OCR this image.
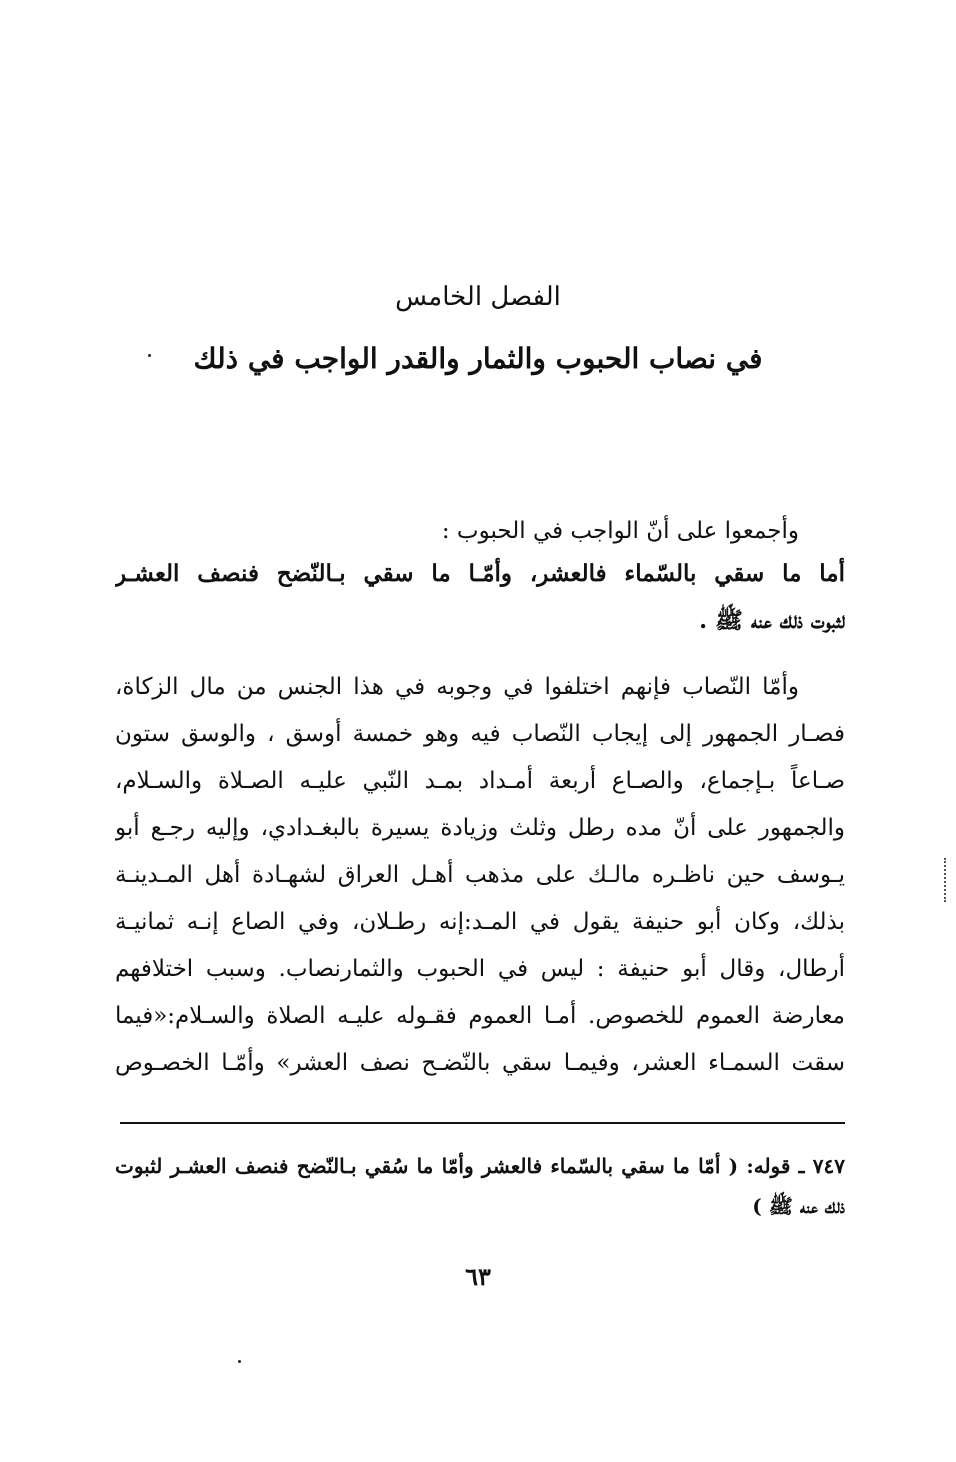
الفصل الخامس
في نصاب الحبوب والثمار والقدر الواجب في ذلك
وأجمعوا على أنّ الواجب في الحبوب :
أما ما سقي بالسّماء فالعشر، وأمّـا ما سقي بـالنّضح فنصف العشـر
لثبوت ذلك عنه ﷺ .
وأمّا النّصاب فإنهم اختلفوا في وجوبه في هذا الجنس من مال الزكاة،
فصـار الجمهور إلى إيجاب النّصاب فيه وهو خمسة أوسق ، والوسق ستون
صـاعاً بـإجماع، والصـاع أربعة أمـداد بمـد النّبي عليـه الصـلاة والسـلام،
والجمهور على أنّ مده رطل وثلث وزيادة يسيرة بالبغـدادي، وإليه رجـع أبو
يـوسف حين ناظـره مالـك على مذهب أهـل العراق لشهـادة أهل المـدينـة
بذلك، وكان أبو حنيفة يقول في المـد:إنه رطـلان، وفي الصاع إنـه ثمانيـة
أرطال، وقال أبو حنيفة : ليس في الحبوب والثمارنصاب. وسبب اختلافهم
معارضة العموم للخصوص. أمـا العموم فقـوله عليـه الصلاة والسـلام:«فيما
سقت السمـاء العشر، وفيمـا سقي بالنّضـح نصف العشر» وأمّـا الخصـوص
٧٤٧ ـ قوله: ( أمّا ما سقي بالسّماء فالعشر وأمّا ما سُقي بـالنّضح فنصف العشـر لثبوت
ذلك عنه ﷺ )
٦٣
